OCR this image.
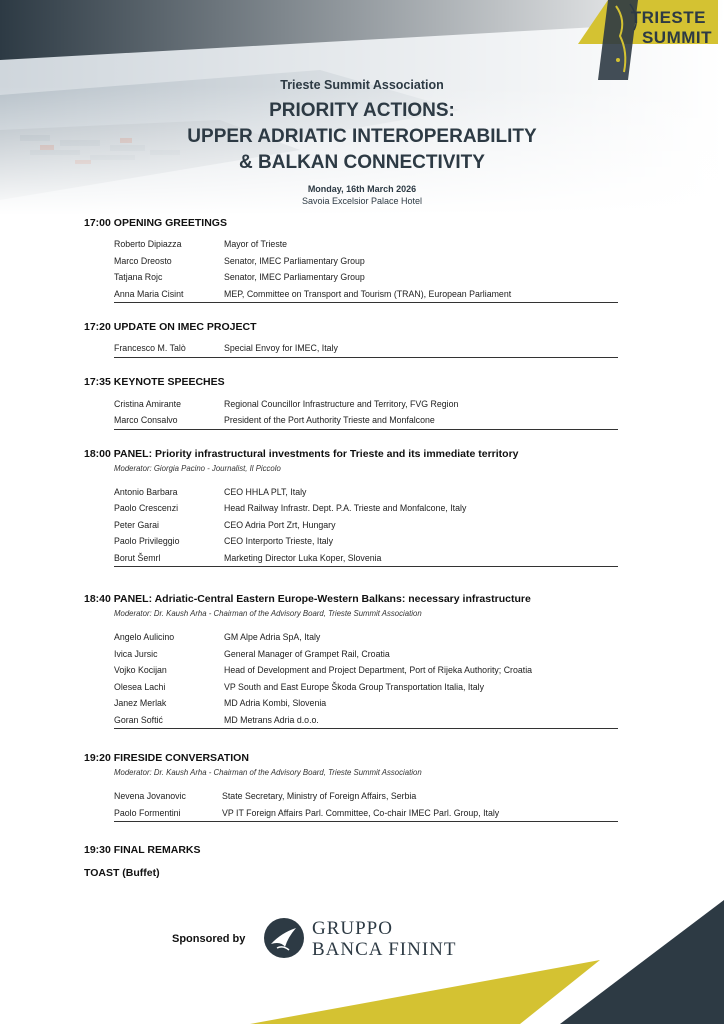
TRIESTE
SUMMIT
Trieste Summit Association
PRIORITY ACTIONS:
UPPER ADRIATIC INTEROPERABILITY
& BALKAN CONNECTIVITY
Monday, 16th March 2026
Savoia Excelsior Palace Hotel
17:00 OPENING GREETINGS
Roberto Dipiazza	Mayor of Trieste
Marco Dreosto	Senator, IMEC Parliamentary Group
Tatjana Rojc	Senator, IMEC Parliamentary Group
Anna Maria Cisint	MEP, Committee on Transport and Tourism (TRAN), European Parliament
17:20 UPDATE ON IMEC PROJECT
Francesco M. Talò	Special Envoy for IMEC, Italy
17:35 KEYNOTE SPEECHES
Cristina Amirante	Regional Councillor Infrastructure and Territory, FVG Region
Marco Consalvo	President of the Port Authority Trieste and Monfalcone
18:00 PANEL: Priority infrastructural investments for Trieste and its immediate territory
Moderator: Giorgia Pacino - Journalist, Il Piccolo
Antonio Barbara	CEO HHLA PLT, Italy
Paolo Crescenzi	Head Railway Infrastr. Dept. P.A. Trieste and Monfalcone, Italy
Peter Garai	CEO Adria Port Zrt, Hungary
Paolo Privileggio	CEO Interporto Trieste, Italy
Borut Šemrl	Marketing Director Luka Koper, Slovenia
18:40 PANEL: Adriatic-Central Eastern Europe-Western Balkans: necessary infrastructure
Moderator: Dr. Kaush Arha - Chairman of the Advisory Board, Trieste Summit Association
Angelo Aulicino	GM Alpe Adria SpA, Italy
Ivica Jursic	General Manager of Grampet Rail, Croatia
Vojko Kocijan	Head of Development and Project Department, Port of Rijeka Authority; Croatia
Olesea Lachi	VP South and East Europe Škoda Group Transportation Italia, Italy
Janez Merlak	MD Adria Kombi, Slovenia
Goran Softić	MD Metrans Adria d.o.o.
19:20 FIRESIDE CONVERSATION
Moderator: Dr. Kaush Arha - Chairman of the Advisory Board, Trieste Summit Association
Nevena Jovanovic	State Secretary, Ministry of Foreign Affairs, Serbia
Paolo Formentini	VP IT Foreign Affairs Parl. Committee, Co-chair IMEC Parl. Group, Italy
19:30 FINAL REMARKS
TOAST (Buffet)
Sponsored by	GRUPPO
BANCA FININT
